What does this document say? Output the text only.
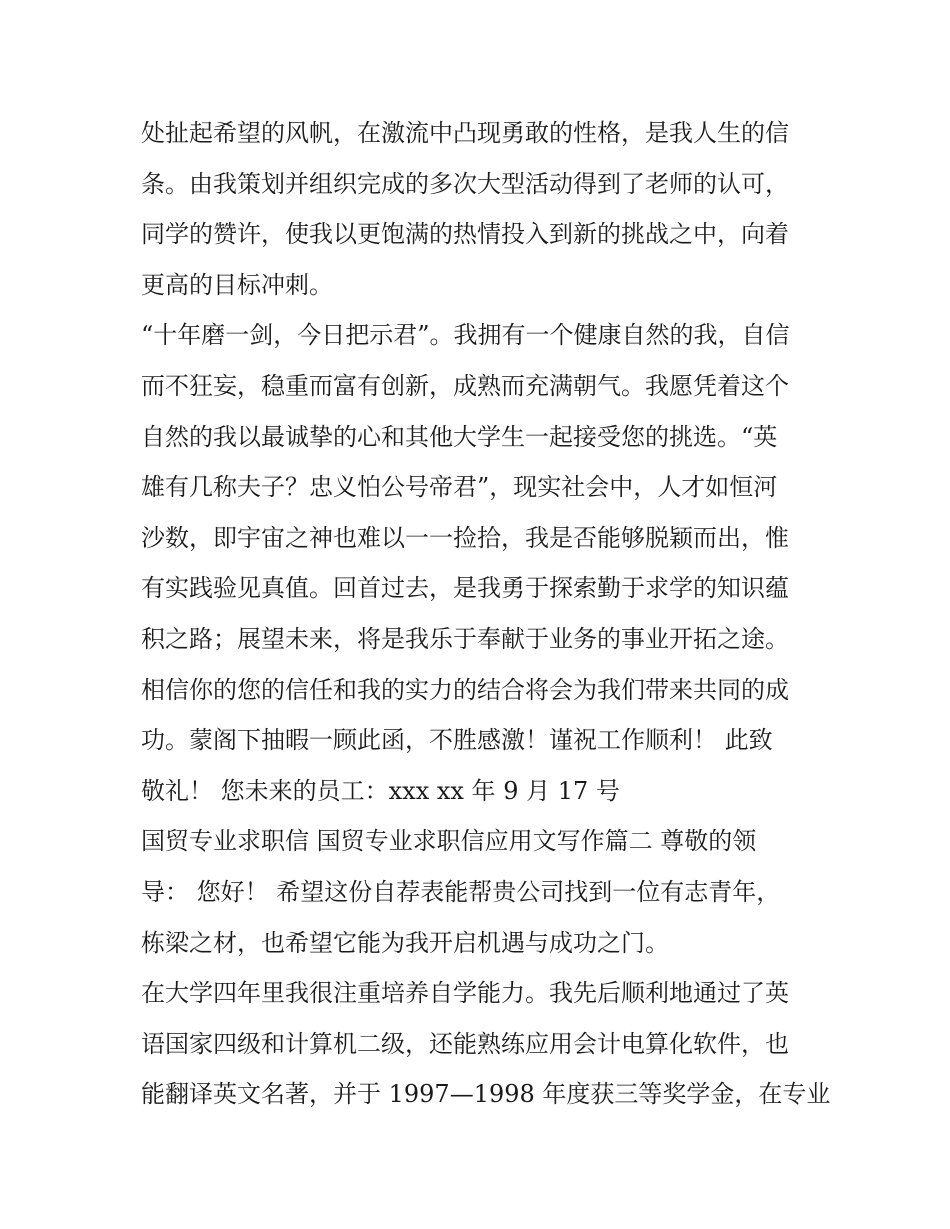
处扯起希望的风帆，在激流中凸现勇敢的性格，是我人生的信

条。由我策划并组织完成的多次大型活动得到了老师的认可，

同学的赞许，使我以更饱满的热情投入到新的挑战之中，向着

更高的目标冲刺。

“十年磨一剑，今日把示君”。我拥有一个健康自然的我，自信

而不狂妄，稳重而富有创新，成熟而充满朝气。我愿凭着这个

自然的我以最诚挚的心和其他大学生一起接受您的挑选。“英

雄有几称夫子？忠义怕公号帝君”，现实社会中，人才如恒河

沙数，即宇宙之神也难以一一捡拾，我是否能够脱颖而出，惟

有实践验见真值。回首过去，是我勇于探索勤于求学的知识蕴

积之路；展望未来，将是我乐于奉献于业务的事业开拓之途。

相信你的您的信任和我的实力的结合将会为我们带来共同的成

功。蒙阁下抽暇一顾此函，不胜感激！谨祝工作顺利！ 此致

敬礼！ 您未来的员工：xxx xx 年 9 月 17 号

国贸专业求职信 国贸专业求职信应用文写作篇二 尊敬的领

导： 您好！ 希望这份自荐表能帮贵公司找到一位有志青年，

栋梁之材，也希望它能为我开启机遇与成功之门。

在大学四年里我很注重培养自学能力。我先后顺利地通过了英

语国家四级和计算机二级，还能熟练应用会计电算化软件，也

能翻译英文名著，并于 1997—1998 年度获三等奖学金，在专业
